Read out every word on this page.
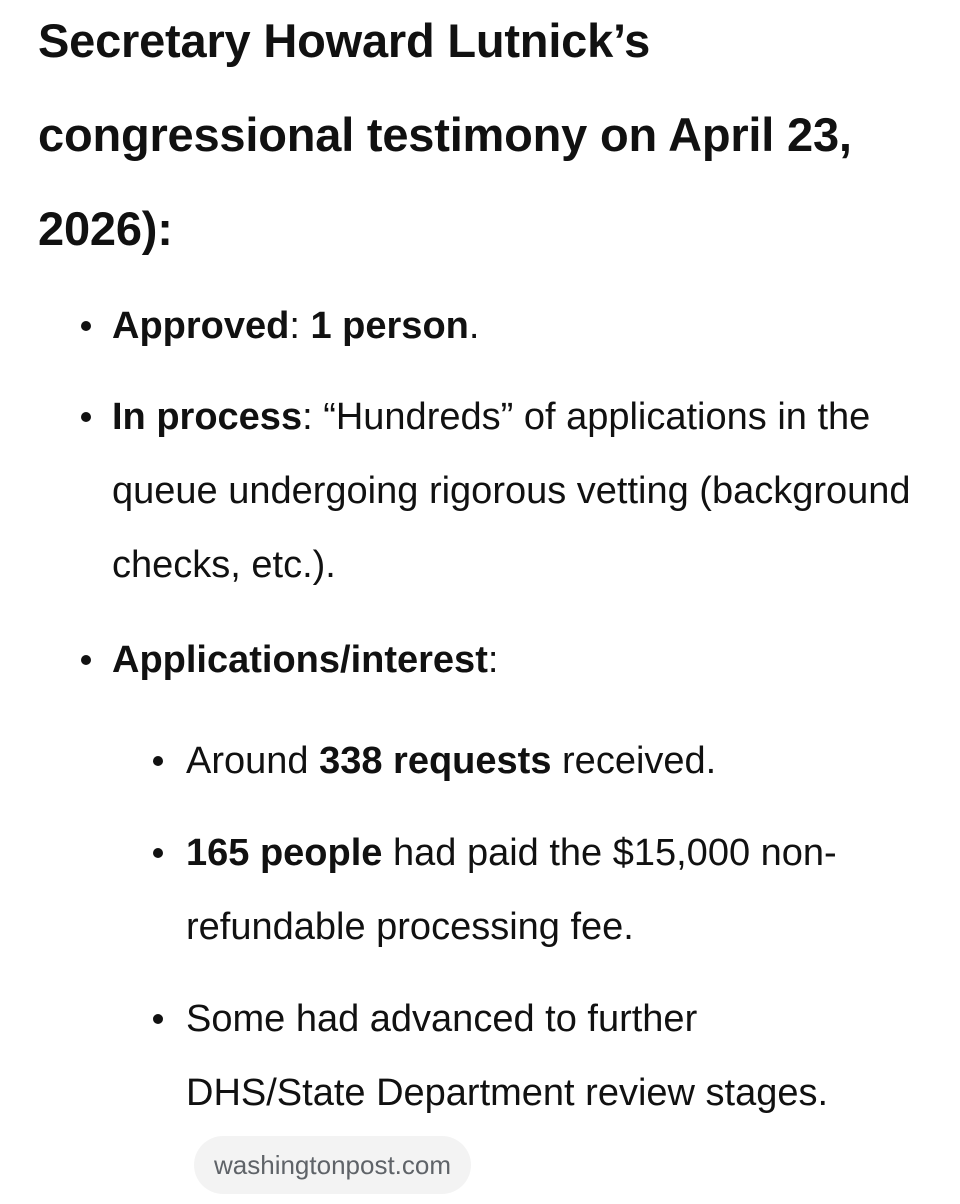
Secretary Howard Lutnick’s congressional testimony on April 23, 2026):
Approved: 1 person.
In process: “Hundreds” of applications in the queue undergoing rigorous vetting (background checks, etc.).
Applications/interest:
Around 338 requests received.
165 people had paid the $15,000 non-refundable processing fee.
Some had advanced to further DHS/State Department review stages.washingtonpost.com
